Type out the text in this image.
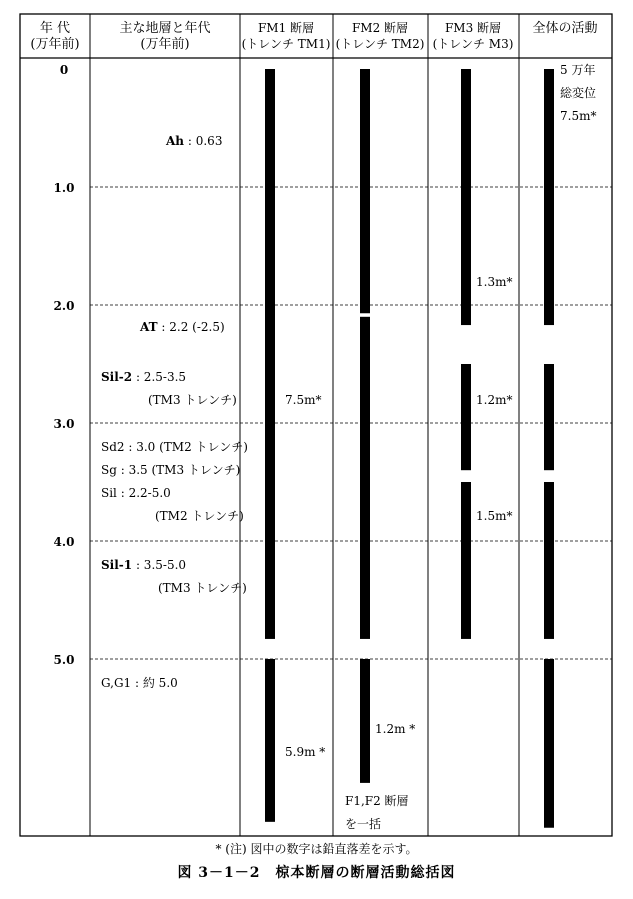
年 代
(万年前)
主な地層と年代
(万年前)
FM1 断層
(トレンチ TM1)
FM2 断層
(トレンチ TM2)
FM3 断層
(トレンチ M3)
全体の活動
0
1.0
2.0
3.0
4.0
5.0
Ah : 0.63
AT : 2.2 (-2.5)
Sil-2 : 2.5-3.5
(TM3 トレンチ)
Sd2 : 3.0 (TM2 トレンチ)
Sg : 3.5 (TM3 トレンチ)
Sil : 2.2-5.0
(TM2 トレンチ)
Sil-1 : 3.5-5.0
(TM3 トレンチ)
G,G1 : 約 5.0
7.5m*
5.9m *
1.2m *
F1,F2 断層
を一括
1.3m*
1.2m*
1.5m*
5 万年
総変位
7.5m*
* (注) 図中の数字は鉛直落差を示す。
図 3－1－2　椋本断層の断層活動総括図
